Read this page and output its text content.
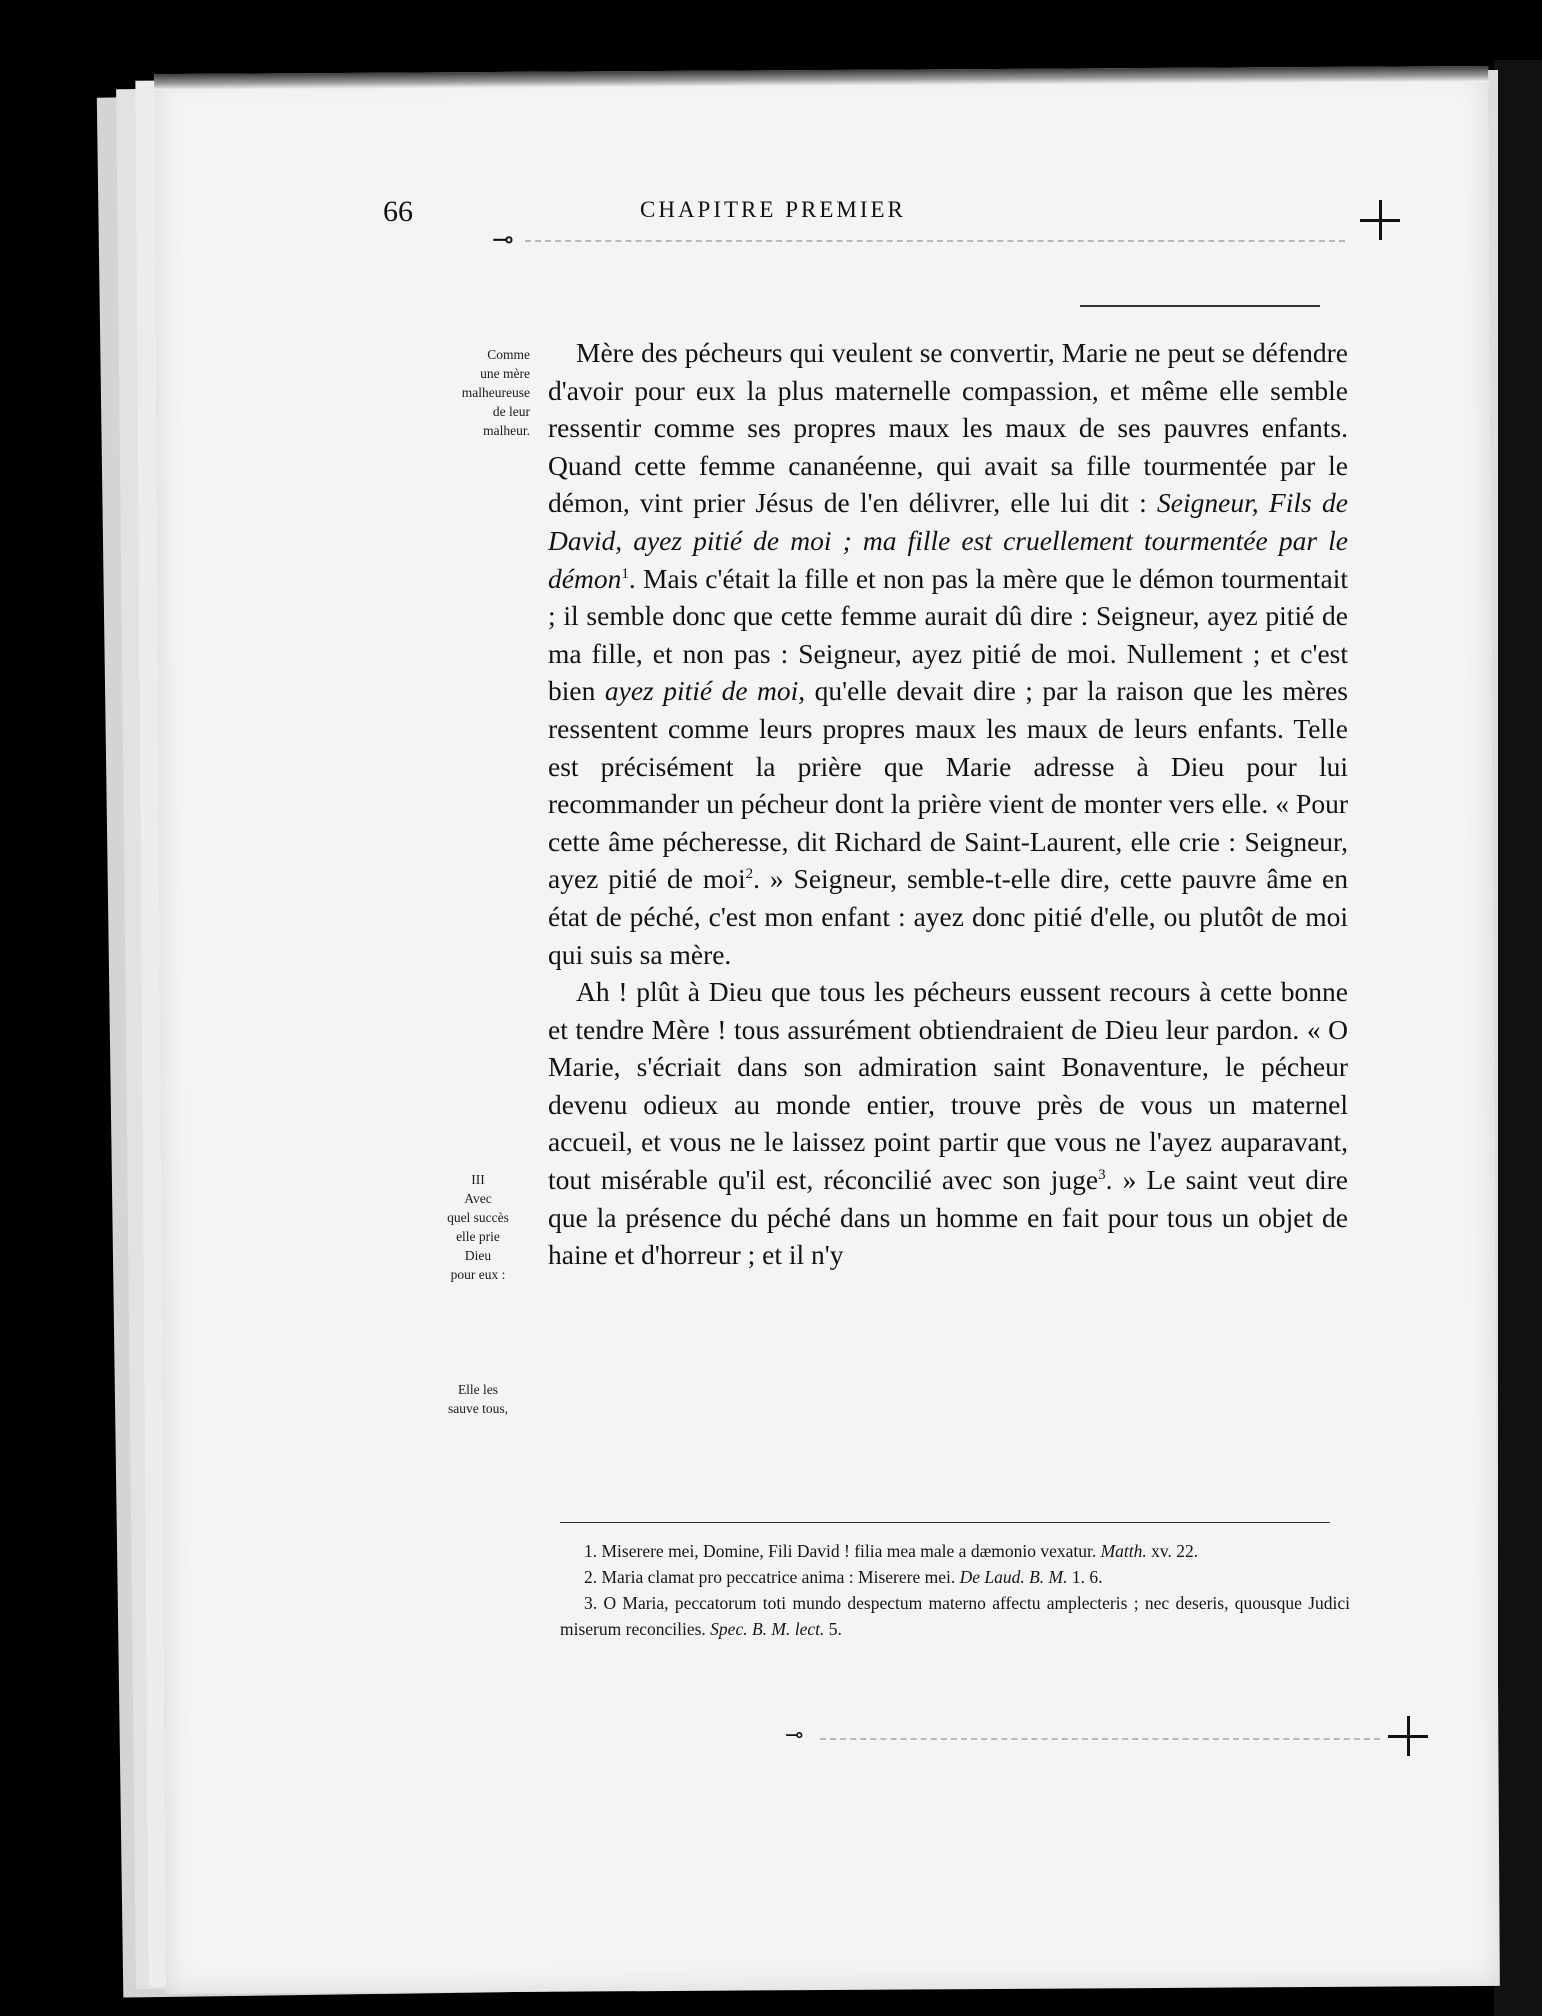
⊸
66	CHAPITRE PREMIER
Comme
une mère
malheureuse
de leur
malheur.
III
Avec
quel succès
elle prie
Dieu
pour eux :
Elle les
sauve tous,

Mère des pécheurs qui veulent se convertir, Marie ne peut se défendre d'avoir pour eux la plus maternelle compassion, et même elle semble ressentir comme ses propres maux les maux de ses pauvres enfants. Quand cette femme cananéenne, qui avait sa fille tourmentée par le démon, vint prier Jésus de l'en délivrer, elle lui dit : Seigneur, Fils de David, ayez pitié de moi ; ma fille est cruellement tourmentée par le démon$^1$. Mais c'était la fille et non pas la mère que le démon tourmentait ; il semble donc que cette femme aurait dû dire : Seigneur, ayez pitié de ma fille, et non pas : Seigneur, ayez pitié de moi. Nullement ; et c'est bien ayez pitié de moi, qu'elle devait dire ; par la raison que les mères ressentent comme leurs propres maux les maux de leurs enfants. Telle est précisément la prière que Marie adresse à Dieu pour lui recommander un pécheur dont la prière vient de monter vers elle. « Pour cette âme pécheresse, dit Richard de Saint-Laurent, elle crie : Seigneur, ayez pitié de moi$^2$. » Seigneur, semble-t-elle dire, cette pauvre âme en état de péché, c'est mon enfant : ayez donc pitié d'elle, ou plutôt de moi qui suis sa mère.

Ah ! plût à Dieu que tous les pécheurs eussent recours à cette bonne et tendre Mère ! tous assurément obtiendraient de Dieu leur pardon. « O Marie, s'écriait dans son admiration saint Bonaventure, le pécheur devenu odieux au monde entier, trouve près de vous un maternel accueil, et vous ne le laissez point partir que vous ne l'ayez auparavant, tout misérable qu'il est, réconcilié avec son juge$^3$. » Le saint veut dire que la présence du péché dans un homme en fait pour tous un objet de haine et d'horreur ; et il n'y

1. Miserere mei, Domine, Fili David ! filia mea male a dæmonio vexatur. Matth. xv. 22.
2. Maria clamat pro peccatrice anima : Miserere mei. De Laud. B. M. 1. 6.
3. O Maria, peccatorum toti mundo despectum materno affectu amplecteris ; nec deseris, quousque Judici miserum reconcilies. Spec. B. M. lect. 5.
⊸
